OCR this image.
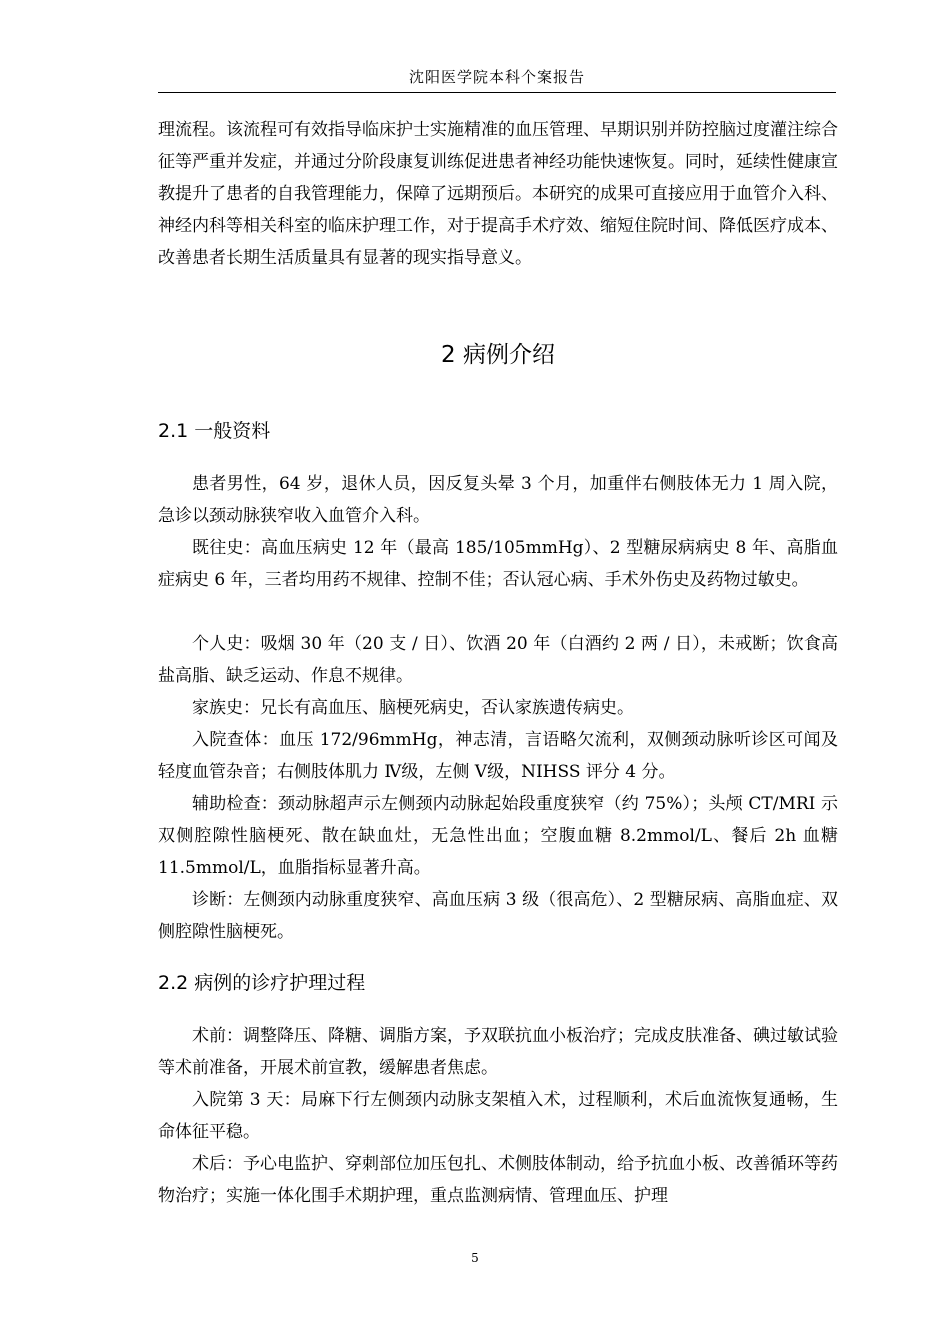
沈阳医学院本科个案报告

理流程。该流程可有效指导临床护士实施精准的血压管理、早期识别并防控脑过度灌注综合征等严重并发症，并通过分阶段康复训练促进患者神经功能快速恢复。同时，延续性健康宣教提升了患者的自我管理能力，保障了远期预后。本研究的成果可直接应用于血管介入科、神经内科等相关科室的临床护理工作，对于提高手术疗效、缩短住院时间、降低医疗成本、改善患者长期生活质量具有显著的现实指导意义。

2 病例介绍
2.1 一般资料

患者男性，64 岁，退休人员，因反复头晕 3 个月，加重伴右侧肢体无力 1 周入院，急诊以颈动脉狭窄收入血管介入科。

既往史：高血压病史 12 年（最高 185/105mmHg）、2 型糖尿病病史 8 年、高脂血症病史 6 年，三者均用药不规律、控制不佳；否认冠心病、手术外伤史及药物过敏史。

个人史：吸烟 30 年（20 支 / 日）、饮酒 20 年（白酒约 2 两 / 日），未戒断；饮食高盐高脂、缺乏运动、作息不规律。

家族史：兄长有高血压、脑梗死病史，否认家族遗传病史。

入院查体：血压 172/96mmHg，神志清，言语略欠流利，双侧颈动脉听诊区可闻及轻度血管杂音；右侧肢体肌力 Ⅳ级，左侧 Ⅴ级，NIHSS 评分 4 分。

辅助检查：颈动脉超声示左侧颈内动脉起始段重度狭窄（约 75%）；头颅 CT/MRI 示双侧腔隙性脑梗死、散在缺血灶，无急性出血；空腹血糖 8.2mmol/L、餐后 2h 血糖 11.5mmol/L，血脂指标显著升高。

诊断：左侧颈内动脉重度狭窄、高血压病 3 级（很高危）、2 型糖尿病、高脂血症、双侧腔隙性脑梗死。

2.2 病例的诊疗护理过程

术前：调整降压、降糖、调脂方案，予双联抗血小板治疗；完成皮肤准备、碘过敏试验等术前准备，开展术前宣教，缓解患者焦虑。

入院第 3 天：局麻下行左侧颈内动脉支架植入术，过程顺利，术后血流恢复通畅，生命体征平稳。

术后：予心电监护、穿刺部位加压包扎、术侧肢体制动，给予抗血小板、改善循环等药物治疗；实施一体化围手术期护理，重点监测病情、管理血压、护理

5
